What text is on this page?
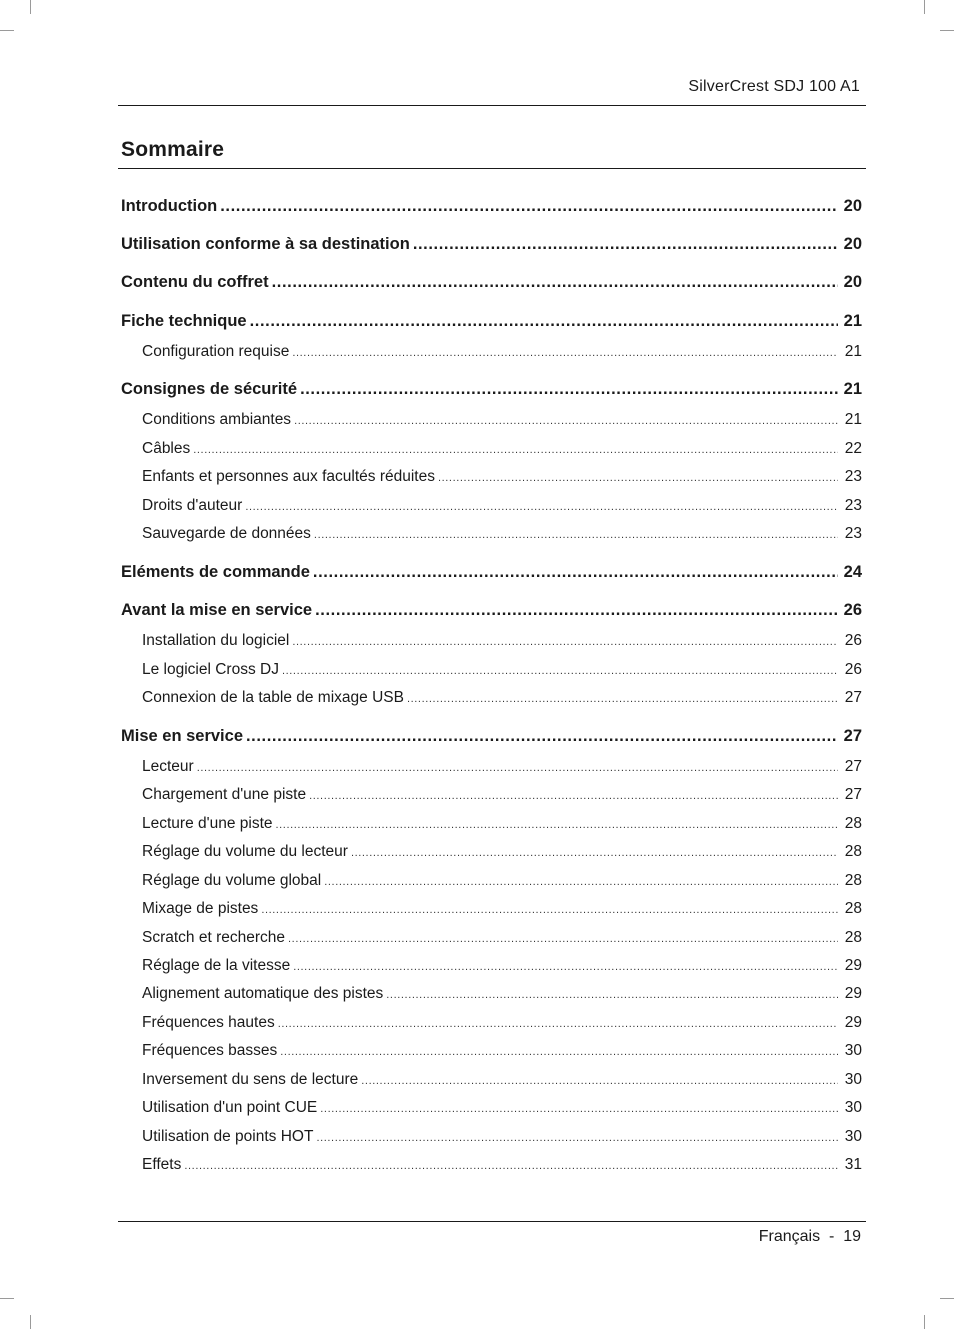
SilverCrest SDJ 100 A1
Sommaire
Introduction .....	20
Utilisation conforme à sa destination .....	20
Contenu du coffret .....	20
Fiche technique .....	21
Configuration requise .....	21
Consignes de sécurité .....	21
Conditions ambiantes .....	21
Câbles .....	22
Enfants et personnes aux facultés réduites .....	23
Droits d'auteur .....	23
Sauvegarde de données .....	23
Eléments de commande .....	24
Avant la mise en service .....	26
Installation du logiciel .....	26
Le logiciel Cross DJ .....	26
Connexion de la table de mixage USB .....	27
Mise en service .....	27
Lecteur .....	27
Chargement d'une piste .....	27
Lecture d'une piste .....	28
Réglage du volume du lecteur .....	28
Réglage du volume global .....	28
Mixage de pistes .....	28
Scratch et recherche .....	28
Réglage de la vitesse .....	29
Alignement automatique des pistes .....	29
Fréquences hautes .....	29
Fréquences basses .....	30
Inversement du sens de lecture .....	30
Utilisation d'un point CUE .....	30
Utilisation de points HOT .....	30
Effets .....	31
Français  -  19
